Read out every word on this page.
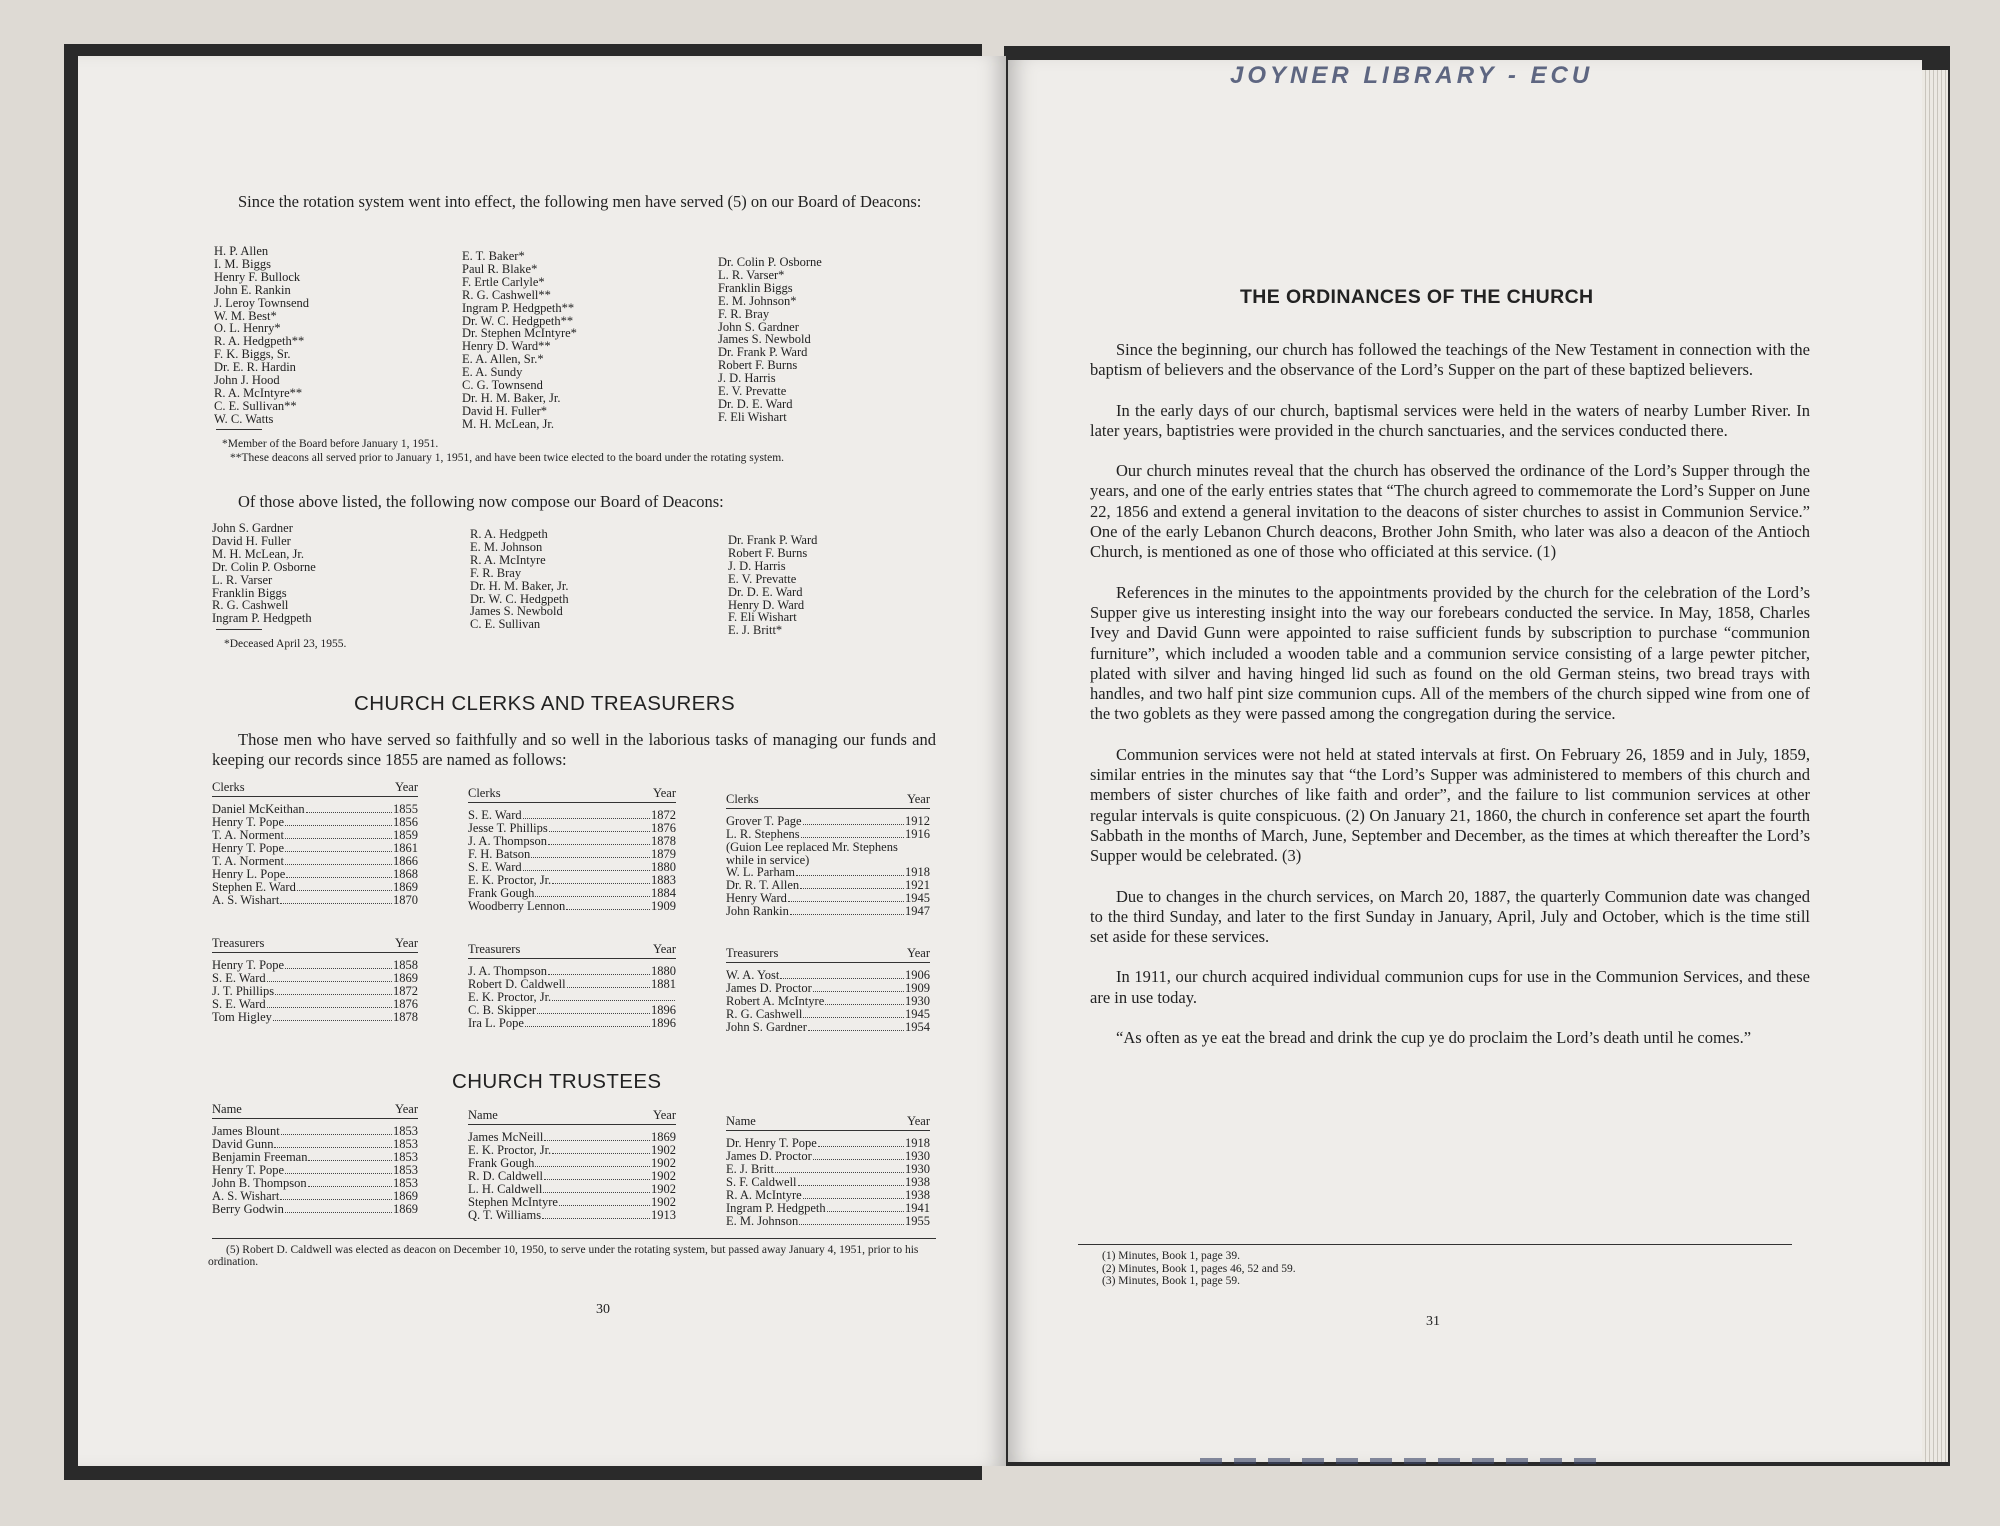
JOYNER LIBRARY - ECU
Since the rotation system went into effect, the following men have served (5) on our Board of Deacons:
H. P. Allen
I. M. Biggs
Henry F. Bullock
John E. Rankin
J. Leroy Townsend
W. M. Best*
O. L. Henry*
R. A. Hedgpeth**
F. K. Biggs, Sr.
Dr. E. R. Hardin
John J. Hood
R. A. McIntyre**
C. E. Sullivan**
W. C. Watts
E. T. Baker*
Paul R. Blake*
F. Ertle Carlyle*
R. G. Cashwell**
Ingram P. Hedgpeth**
Dr. W. C. Hedgpeth**
Dr. Stephen McIntyre*
Henry D. Ward**
E. A. Allen, Sr.*
E. A. Sundy
C. G. Townsend
Dr. H. M. Baker, Jr.
David H. Fuller*
M. H. McLean, Jr.
Dr. Colin P. Osborne
L. R. Varser*
Franklin Biggs
E. M. Johnson*
F. R. Bray
John S. Gardner
James S. Newbold
Dr. Frank P. Ward
Robert F. Burns
J. D. Harris
E. V. Prevatte
Dr. D. E. Ward
F. Eli Wishart
*Member of the Board before January 1, 1951.
**These deacons all served prior to January 1, 1951, and have been twice elected to the board under the rotating system.
Of those above listed, the following now compose our Board of Deacons:
John S. Gardner
David H. Fuller
M. H. McLean, Jr.
Dr. Colin P. Osborne
L. R. Varser
Franklin Biggs
R. G. Cashwell
Ingram P. Hedgpeth
R. A. Hedgpeth
E. M. Johnson
R. A. McIntyre
F. R. Bray
Dr. H. M. Baker, Jr.
Dr. W. C. Hedgpeth
James S. Newbold
C. E. Sullivan
Dr. Frank P. Ward
Robert F. Burns
J. D. Harris
E. V. Prevatte
Dr. D. E. Ward
Henry D. Ward
F. Eli Wishart
E. J. Britt*
*Deceased April 23, 1955.
CHURCH CLERKS AND TREASURERS
Those men who have served so faithfully and so well in the laborious tasks of managing our funds and keeping our records since 1855 are named as follows:
Clerks	Year
Daniel McKeithan	1855
Henry T. Pope	1856
T. A. Norment	1859
Henry T. Pope	1861
T. A. Norment	1866
Henry L. Pope	1868
Stephen E. Ward	1869
A. S. Wishart	1870
Clerks	Year
S. E. Ward	1872
Jesse T. Phillips	1876
J. A. Thompson	1878
F. H. Batson	1879
S. E. Ward	1880
E. K. Proctor, Jr.	1883
Frank Gough	1884
Woodberry Lennon	1909
Clerks	Year
Grover T. Page	1912
L. R. Stephens	1916
(Guion Lee replaced Mr. Stephens while in service)
W. L. Parham	1918
Dr. R. T. Allen	1921
Henry Ward	1945
John Rankin	1947
Treasurers	Year
Henry T. Pope	1858
S. E. Ward	1869
J. T. Phillips	1872
S. E. Ward	1876
Tom Higley	1878
Treasurers	Year
J. A. Thompson	1880
Robert D. Caldwell	1881
E. K. Proctor, Jr.
C. B. Skipper	1896
Ira L. Pope	1896
Treasurers	Year
W. A. Yost	1906
James D. Proctor	1909
Robert A. McIntyre	1930
R. G. Cashwell	1945
John S. Gardner	1954
CHURCH TRUSTEES
Name	Year
James Blount	1853
David Gunn	1853
Benjamin Freeman	1853
Henry T. Pope	1853
John B. Thompson	1853
A. S. Wishart	1869
Berry Godwin	1869
Name	Year
James McNeill	1869
E. K. Proctor, Jr.	1902
Frank Gough	1902
R. D. Caldwell	1902
L. H. Caldwell	1902
Stephen McIntyre	1902
Q. T. Williams	1913
Name	Year
Dr. Henry T. Pope	1918
James D. Proctor	1930
E. J. Britt	1930
S. F. Caldwell	1938
R. A. McIntyre	1938
Ingram P. Hedgpeth	1941
E. M. Johnson	1955
(5) Robert D. Caldwell was elected as deacon on December 10, 1950, to serve under the rotating system, but passed away January 4, 1951, prior to his ordination.
30
THE ORDINANCES OF THE CHURCH

Since the beginning, our church has followed the teachings of the New Testament in connection with the baptism of believers and the observance of the Lord’s Supper on the part of these baptized believers.

In the early days of our church, baptismal services were held in the waters of nearby Lumber River. In later years, baptistries were provided in the church sanctuaries, and the services conducted there.

Our church minutes reveal that the church has observed the ordinance of the Lord’s Supper through the years, and one of the early entries states that “The church agreed to commemorate the Lord’s Supper on June 22, 1856 and extend a general invitation to the deacons of sister churches to assist in Communion Service.” One of the early Lebanon Church deacons, Brother John Smith, who later was also a deacon of the Antioch Church, is mentioned as one of those who officiated at this service. (1)

References in the minutes to the appointments provided by the church for the celebration of the Lord’s Supper give us interesting insight into the way our forebears conducted the service. In May, 1858, Charles Ivey and David Gunn were appointed to raise sufficient funds by subscription to purchase “communion furniture”, which included a wooden table and a communion service consisting of a large pewter pitcher, plated with silver and having hinged lid such as found on the old German steins, two bread trays with handles, and two half pint size communion cups. All of the members of the church sipped wine from one of the two goblets as they were passed among the congregation during the service.

Communion services were not held at stated intervals at first. On February 26, 1859 and in July, 1859, similar entries in the minutes say that “the Lord’s Supper was administered to members of this church and members of sister churches of like faith and order”, and the failure to list communion services at other regular intervals is quite conspicuous. (2) On January 21, 1860, the church in conference set apart the fourth Sabbath in the months of March, June, September and December, as the times at which thereafter the Lord’s Supper would be celebrated. (3)

Due to changes in the church services, on March 20, 1887, the quarterly Communion date was changed to the third Sunday, and later to the first Sunday in January, April, July and October, which is the time still set aside for these services.

In 1911, our church acquired individual communion cups for use in the Communion Services, and these are in use today.

“As often as ye eat the bread and drink the cup ye do proclaim the Lord’s death until he comes.”

(1) Minutes, Book 1, page 39.
(2) Minutes, Book 1, pages 46, 52 and 59.
(3) Minutes, Book 1, page 59.
31
